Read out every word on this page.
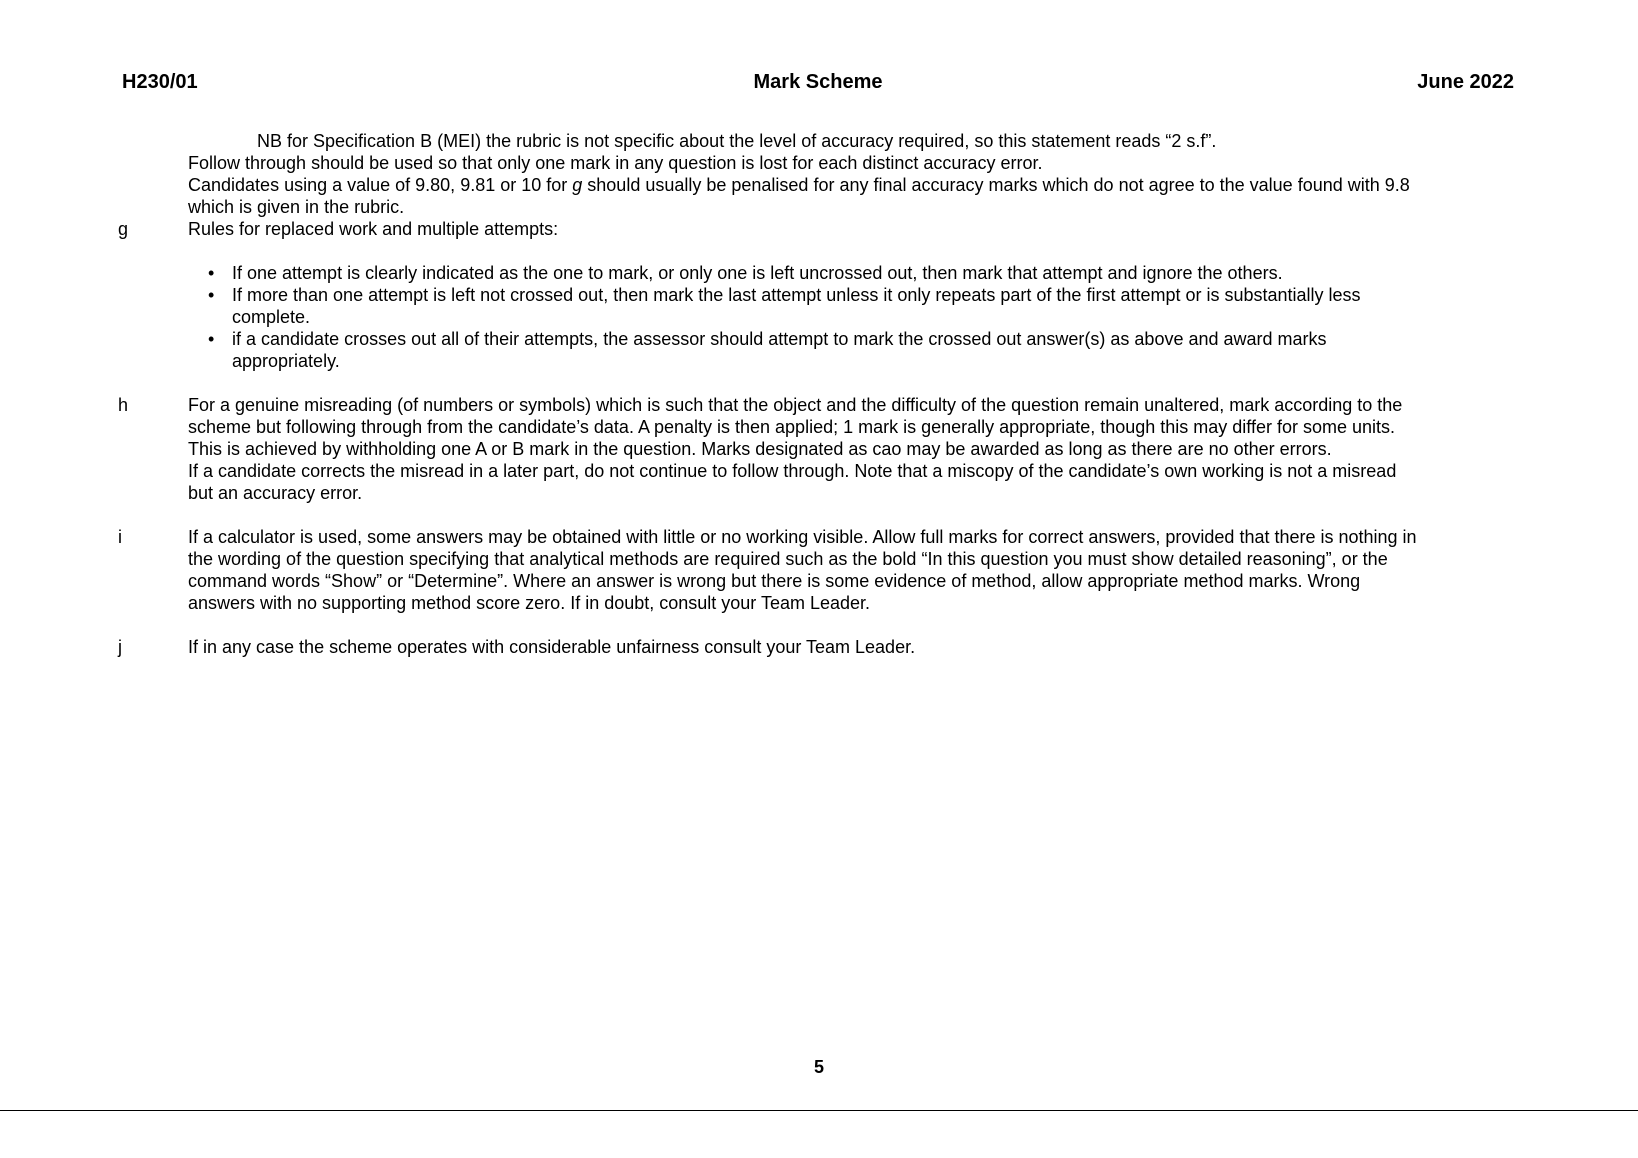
H230/01	Mark Scheme	June 2022

NB for Specification B (MEI) the rubric is not specific about the level of accuracy required, so this statement reads “2 s.f”.

Follow through should be used so that only one mark in any question is lost for each distinct accuracy error.

Candidates using a value of 9.80, 9.81 or 10 for g should usually be penalised for any final accuracy marks which do not agree to the value found with 9.8

which is given in the rubric.

g	Rules for replaced work and multiple attempts:

• If one attempt is clearly indicated as the one to mark, or only one is left uncrossed out, then mark that attempt and ignore the others.
• If more than one attempt is left not crossed out, then mark the last attempt unless it only repeats part of the first attempt or is substantially less
complete.
• if a candidate crosses out all of their attempts, the assessor should attempt to mark the crossed out answer(s) as above and award marks
appropriately.
h	For a genuine misreading (of numbers or symbols) which is such that the object and the difficulty of the question remain unaltered, mark according to the

scheme but following through from the candidate’s data. A penalty is then applied; 1 mark is generally appropriate, though this may differ for some units.

This is achieved by withholding one A or B mark in the question. Marks designated as cao may be awarded as long as there are no other errors.

If a candidate corrects the misread in a later part, do not continue to follow through. Note that a miscopy of the candidate’s own working is not a misread

but an accuracy error.

i	If a calculator is used, some answers may be obtained with little or no working visible. Allow full marks for correct answers, provided that there is nothing in

the wording of the question specifying that analytical methods are required such as the bold “In this question you must show detailed reasoning”, or the

command words “Show” or “Determine”. Where an answer is wrong but there is some evidence of method, allow appropriate method marks. Wrong

answers with no supporting method score zero. If in doubt, consult your Team Leader.

j	If in any case the scheme operates with considerable unfairness consult your Team Leader.

5
